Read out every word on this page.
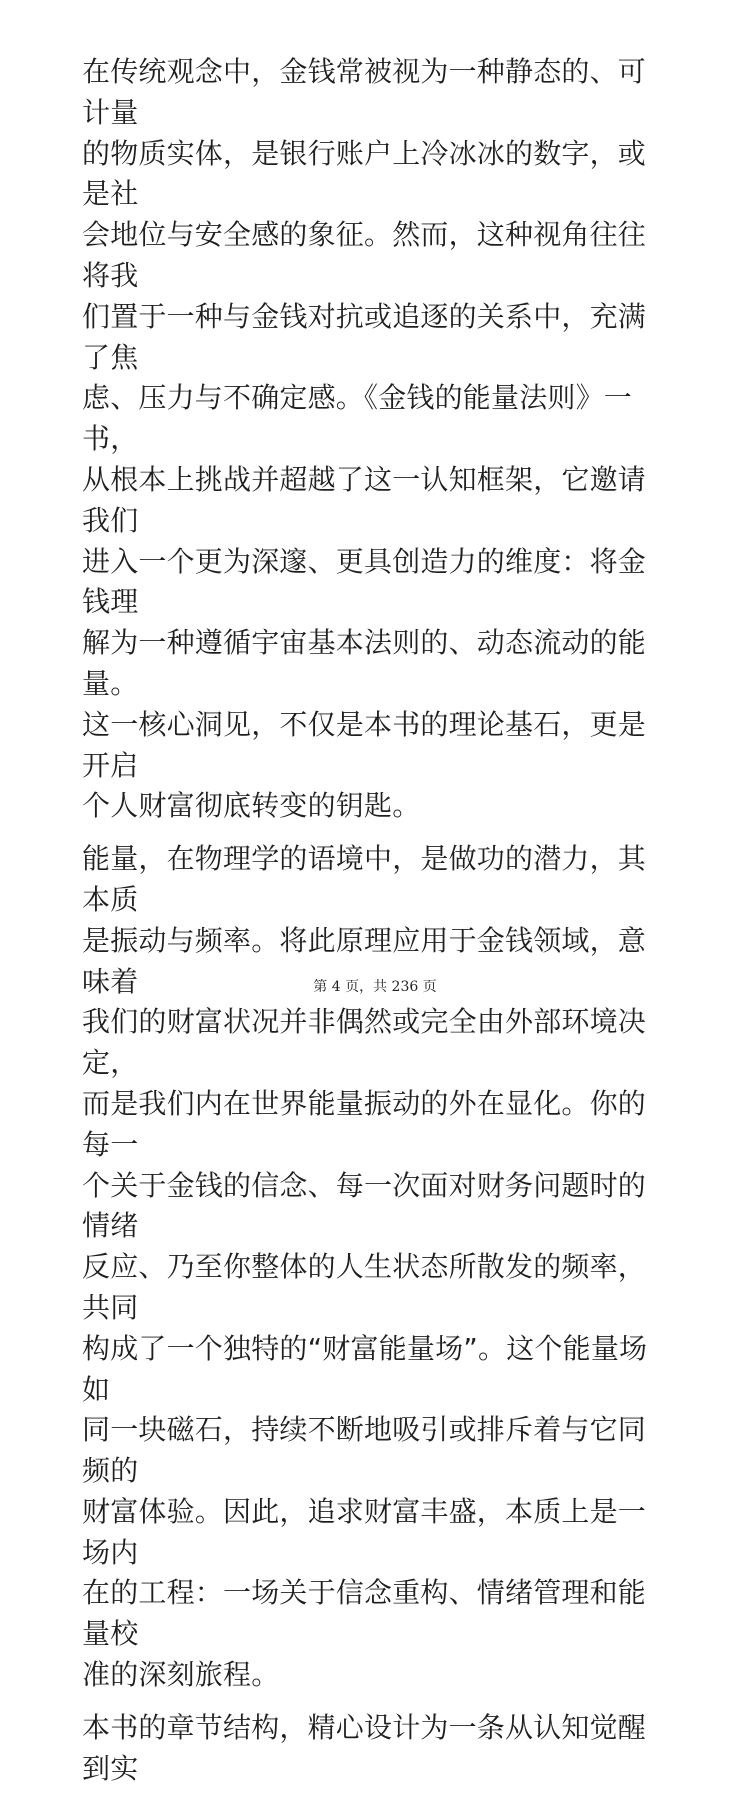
在传统观念中，金钱常被视为一种静态的、可计量
的物质实体，是银行账户上冷冰冰的数字，或是社
会地位与安全感的象征。然而，这种视角往往将我
们置于一种与金钱对抗或追逐的关系中，充满了焦
虑、压力与不确定感。《金钱的能量法则》一书，
从根本上挑战并超越了这一认知框架，它邀请我们
进入一个更为深邃、更具创造力的维度：将金钱理
解为一种遵循宇宙基本法则的、动态流动的能量。
这一核心洞见，不仅是本书的理论基石，更是开启
个人财富彻底转变的钥匙。

能量，在物理学的语境中，是做功的潜力，其本质
是振动与频率。将此原理应用于金钱领域，意味着
我们的财富状况并非偶然或完全由外部环境决定，
而是我们内在世界能量振动的外在显化。你的每一
个关于金钱的信念、每一次面对财务问题时的情绪
反应、乃至你整体的人生状态所散发的频率，共同
构成了一个独特的“财富能量场”。这个能量场如
同一块磁石，持续不断地吸引或排斥着与它同频的
财富体验。因此，追求财富丰盛，本质上是一场内
在的工程：一场关于信念重构、情绪管理和能量校
准的深刻旅程。

本书的章节结构，精心设计为一条从认知觉醒到实

第 4 页，共 236 页
